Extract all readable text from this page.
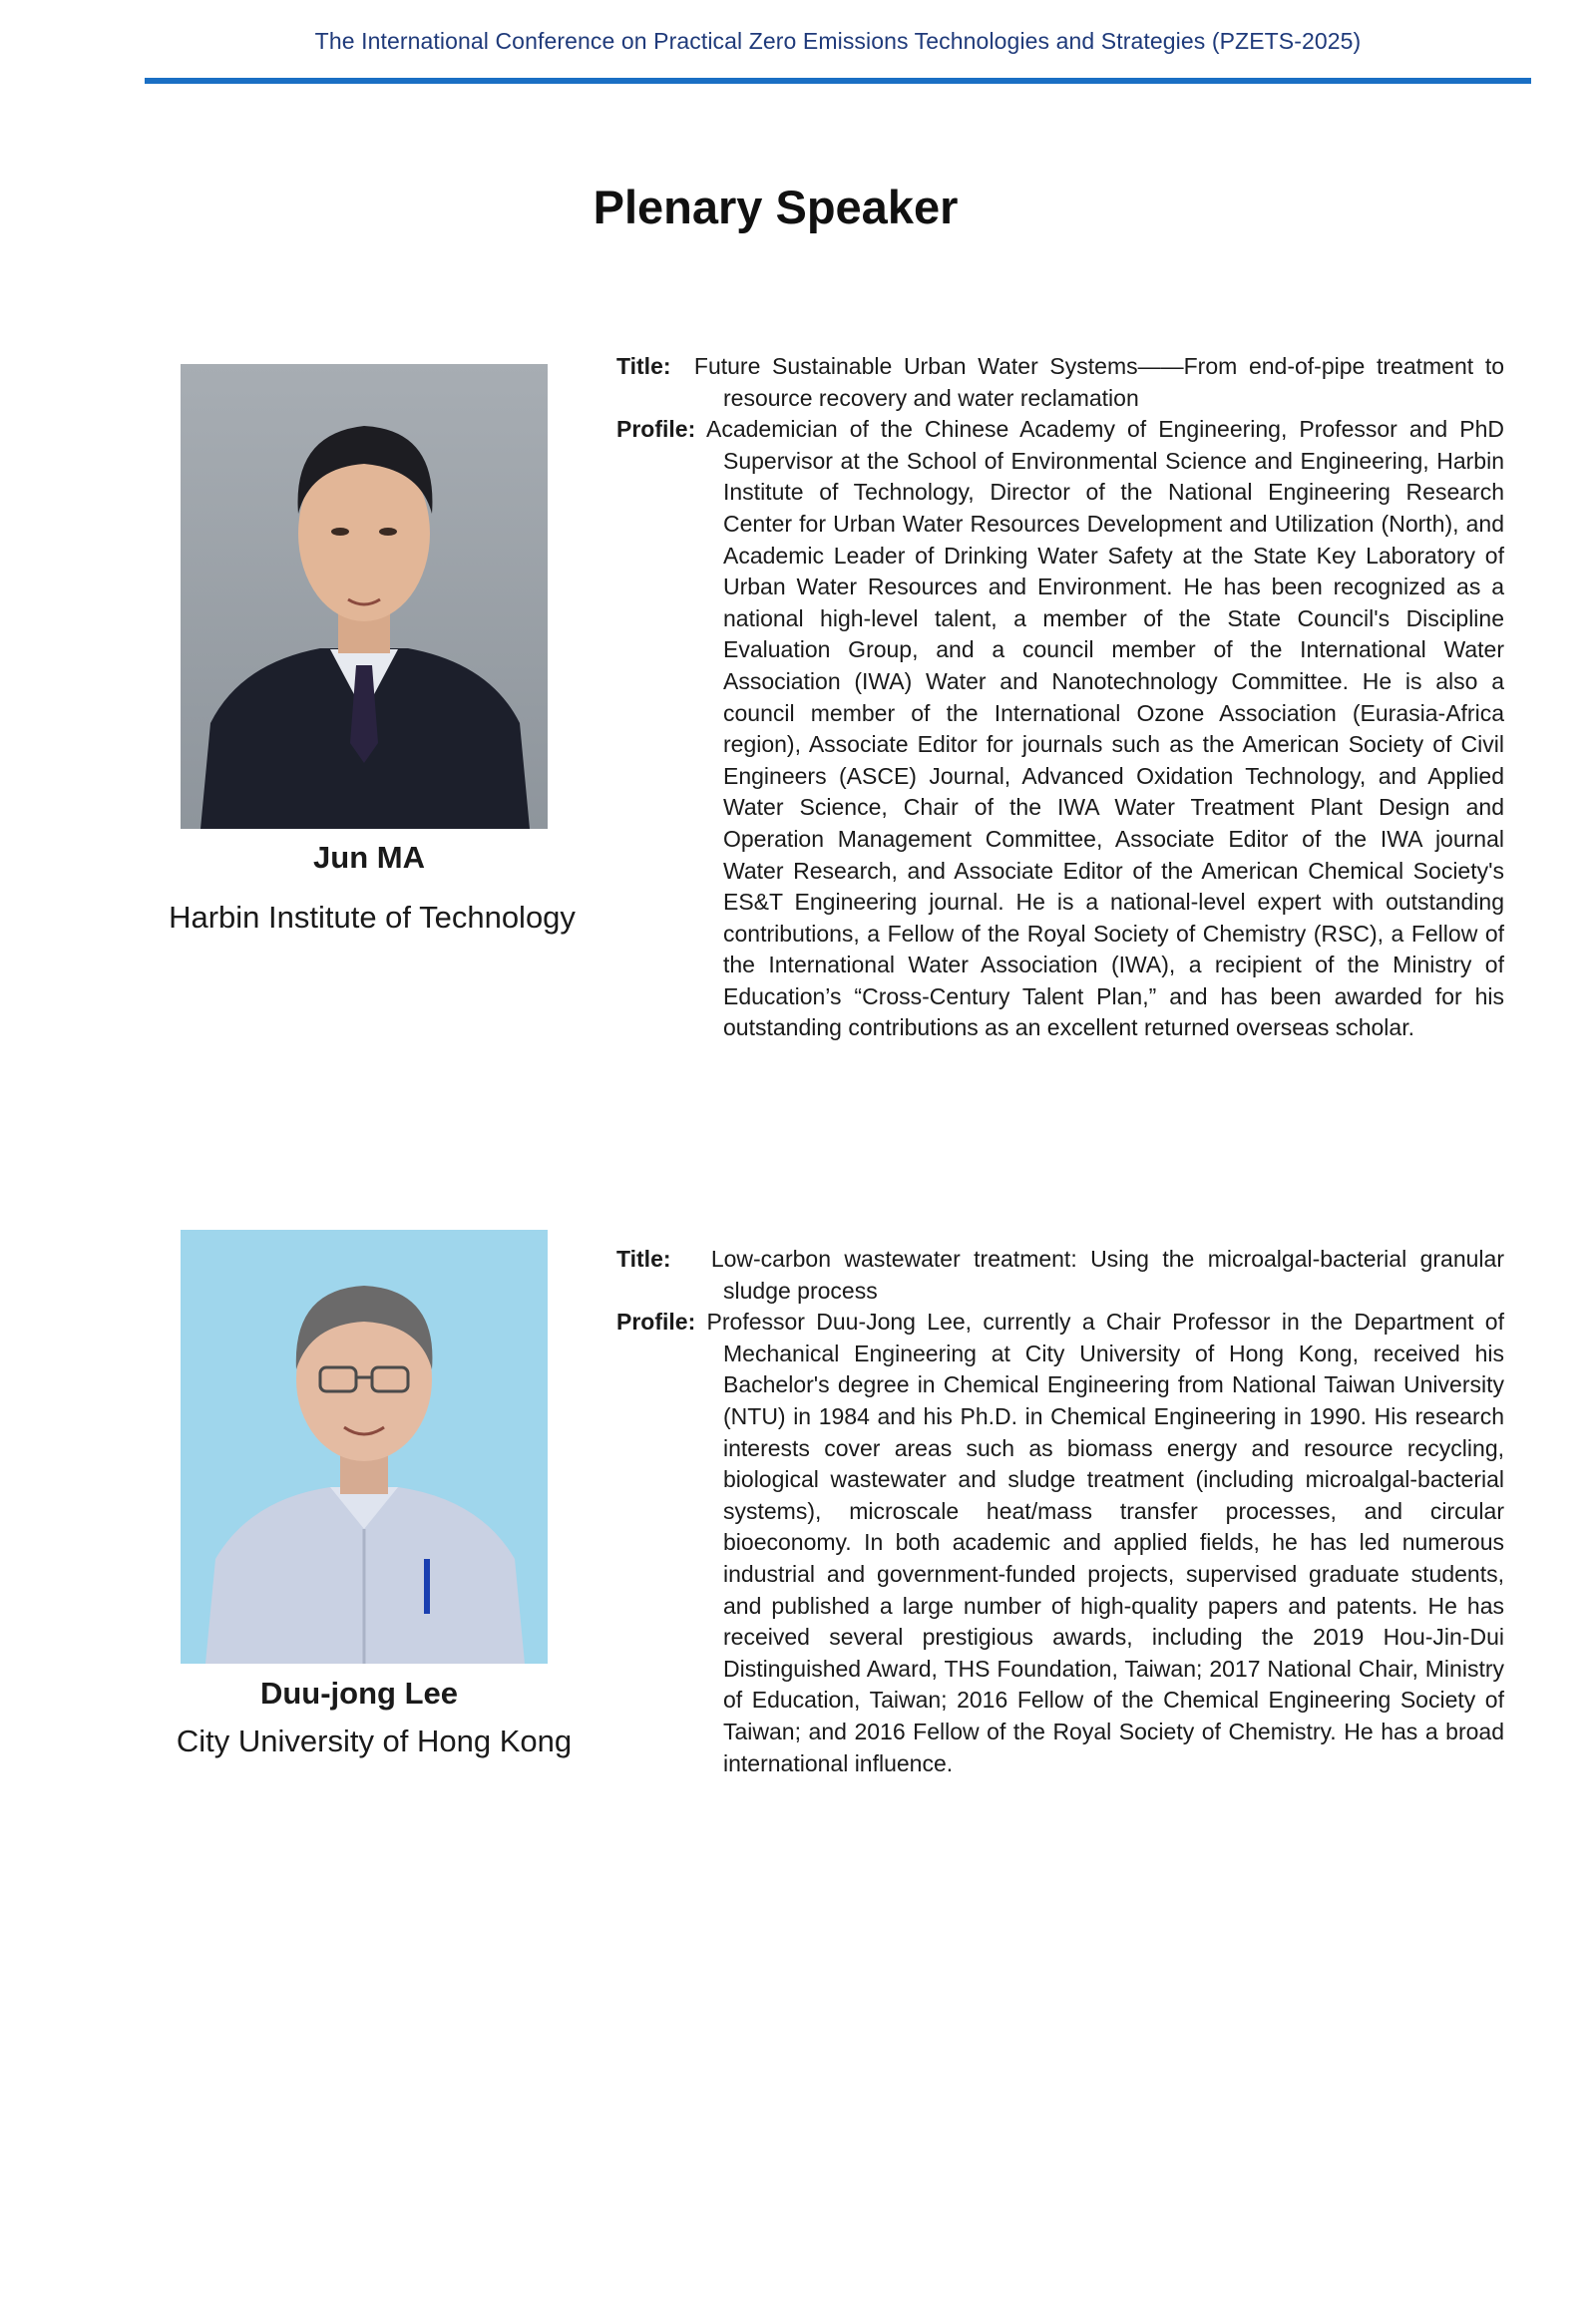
The International Conference on Practical Zero Emissions Technologies and Strategies (PZETS-2025)
Plenary Speaker
Jun MA
Harbin Institute of Technology
Title: Future Sustainable Urban Water Systems——From end-of-pipe treatment to resource recovery and water reclamation
Profile: Academician of the Chinese Academy of Engineering, Professor and PhD Supervisor at the School of Environmental Science and Engineering, Harbin Institute of Technology, Director of the National Engineering Research Center for Urban Water Resources Development and Utilization (North), and Academic Leader of Drinking Water Safety at the State Key Laboratory of Urban Water Resources and Environment. He has been recognized as a national high-level talent, a member of the State Council's Discipline Evaluation Group, and a council member of the International Water Association (IWA) Water and Nanotechnology Committee. He is also a council member of the International Ozone Association (Eurasia-Africa region), Associate Editor for journals such as the American Society of Civil Engineers (ASCE) Journal, Advanced Oxidation Technology, and Applied Water Science, Chair of the IWA Water Treatment Plant Design and Operation Management Committee, Associate Editor of the IWA journal Water Research, and Associate Editor of the American Chemical Society's ES&T Engineering journal. He is a national-level expert with outstanding contributions, a Fellow of the Royal Society of Chemistry (RSC), a Fellow of the International Water Association (IWA), a recipient of the Ministry of Education’s “Cross-Century Talent Plan,” and has been awarded for his outstanding contributions as an excellent returned overseas scholar.
Duu-jong Lee
City University of Hong Kong
Title: Low-carbon wastewater treatment: Using the microalgal-bacterial granular sludge process
Profile: Professor Duu-Jong Lee, currently a Chair Professor in the Department of Mechanical Engineering at City University of Hong Kong, received his Bachelor's degree in Chemical Engineering from National Taiwan University (NTU) in 1984 and his Ph.D. in Chemical Engineering in 1990. His research interests cover areas such as biomass energy and resource recycling, biological wastewater and sludge treatment (including microalgal-bacterial systems), microscale heat/mass transfer processes, and circular bioeconomy. In both academic and applied fields, he has led numerous industrial and government-funded projects, supervised graduate students, and published a large number of high-quality papers and patents. He has received several prestigious awards, including the 2019 Hou-Jin-Dui Distinguished Award, THS Foundation, Taiwan; 2017 National Chair, Ministry of Education, Taiwan; 2016 Fellow of the Chemical Engineering Society of Taiwan; and 2016 Fellow of the Royal Society of Chemistry. He has a broad international influence.
